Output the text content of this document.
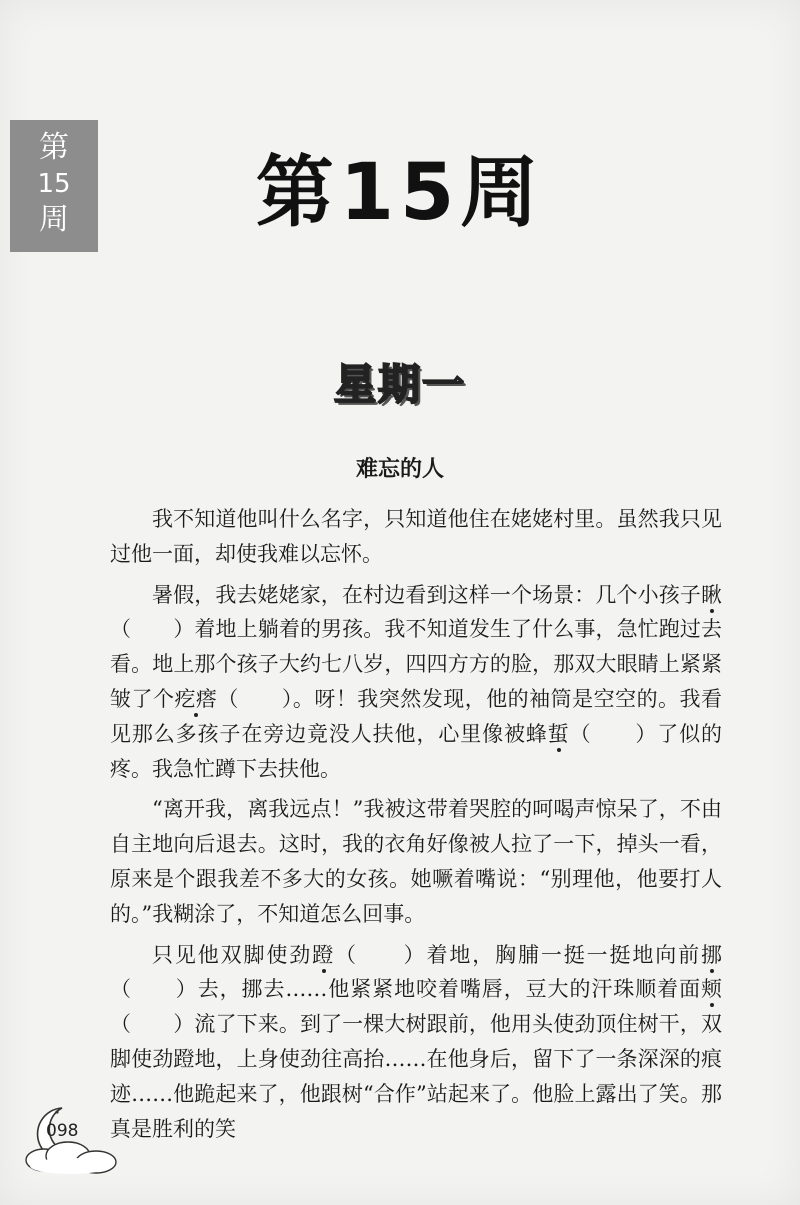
第
15
周	第15周
星期一
难忘的人

我不知道他叫什么名字，只知道他住在姥姥村里。虽然我只见过他一面，却使我难以忘怀。

暑假，我去姥姥家，在村边看到这样一个场景：几个小孩子瞅（　　）着地上躺着的男孩。我不知道发生了什么事，急忙跑过去看。地上那个孩子大约七八岁，四四方方的脸，那双大眼睛上紧紧皱了个疙瘩（　　）。呀！我突然发现，他的袖筒是空空的。我看见那么多孩子在旁边竟没人扶他，心里像被蜂蜇（　　）了似的疼。我急忙蹲下去扶他。

“离开我，离我远点！”我被这带着哭腔的呵喝声惊呆了，不由自主地向后退去。这时，我的衣角好像被人拉了一下，掉头一看，原来是个跟我差不多大的女孩。她噘着嘴说：“别理他，他要打人的。”我糊涂了，不知道怎么回事。

只见他双脚使劲蹬（　　）着地，胸脯一挺一挺地向前挪（　　）去，挪去……他紧紧地咬着嘴唇，豆大的汗珠顺着面颊（　　）流了下来。到了一棵大树跟前，他用头使劲顶住树干，双脚使劲蹬地，上身使劲往高抬……在他身后，留下了一条深深的痕迹……他跪起来了，他跟树“合作”站起来了。他脸上露出了笑。那真是胜利的笑

098
